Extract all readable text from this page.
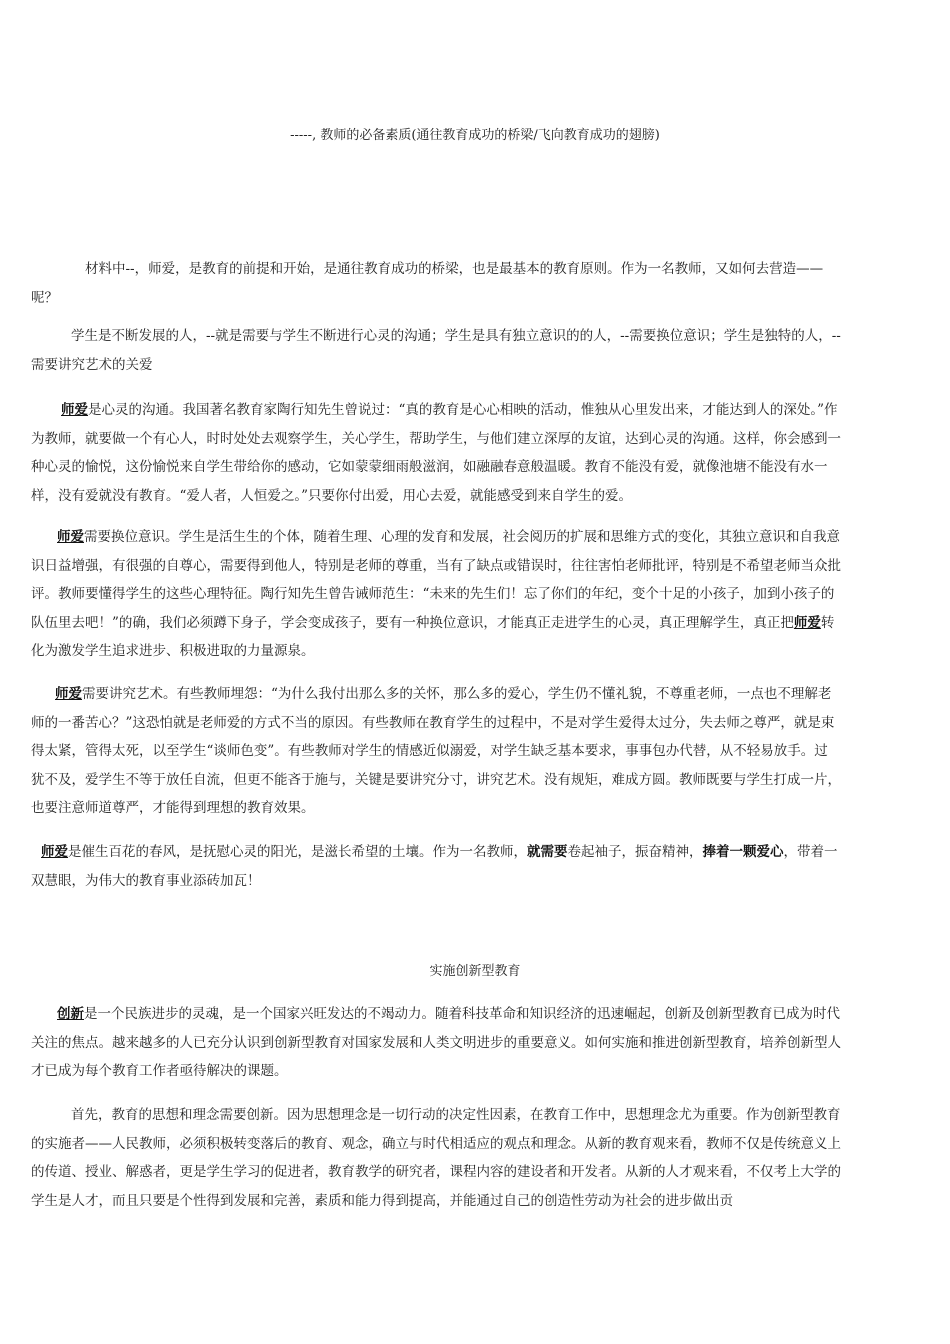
-----, 教师的必备素质(通往教育成功的桥梁/飞向教育成功的翅膀)

材料中--，师爱，是教育的前提和开始，是通往教育成功的桥梁，也是最基本的教育原则。作为一名教师，又如何去营造——呢？

学生是不断发展的人，--就是需要与学生不断进行心灵的沟通；学生是具有独立意识的的人，--需要换位意识；学生是独特的人，--需要讲究艺术的关爱

师爱是心灵的沟通。我国著名教育家陶行知先生曾说过：“真的教育是心心相映的活动，惟独从心里发出来，才能达到人的深处。”作为教师，就要做一个有心人，时时处处去观察学生，关心学生，帮助学生，与他们建立深厚的友谊，达到心灵的沟通。这样，你会感到一种心灵的愉悦，这份愉悦来自学生带给你的感动，它如蒙蒙细雨般滋润，如融融春意般温暖。教育不能没有爱，就像池塘不能没有水一样，没有爱就没有教育。“爱人者，人恒爱之。”只要你付出爱，用心去爱，就能感受到来自学生的爱。

师爱需要换位意识。学生是活生生的个体，随着生理、心理的发育和发展，社会阅历的扩展和思维方式的变化，其独立意识和自我意识日益增强，有很强的自尊心，需要得到他人，特别是老师的尊重，当有了缺点或错误时，往往害怕老师批评，特别是不希望老师当众批评。教师要懂得学生的这些心理特征。陶行知先生曾告诫师范生：“未来的先生们！忘了你们的年纪，变个十足的小孩子，加到小孩子的队伍里去吧！”的确，我们必须蹲下身子，学会变成孩子，要有一种换位意识，才能真正走进学生的心灵，真正理解学生，真正把师爱转化为激发学生追求进步、积极进取的力量源泉。

师爱需要讲究艺术。有些教师埋怨：“为什么我付出那么多的关怀，那么多的爱心，学生仍不懂礼貌，不尊重老师，一点也不理解老师的一番苦心？”这恐怕就是老师爱的方式不当的原因。有些教师在教育学生的过程中，不是对学生爱得太过分，失去师之尊严，就是束得太紧，管得太死，以至学生“谈师色变”。有些教师对学生的情感近似溺爱，对学生缺乏基本要求，事事包办代替，从不轻易放手。过犹不及，爱学生不等于放任自流，但更不能吝于施与，关键是要讲究分寸，讲究艺术。没有规矩，难成方圆。教师既要与学生打成一片，也要注意师道尊严，才能得到理想的教育效果。

师爱是催生百花的春风，是抚慰心灵的阳光，是滋长希望的土壤。作为一名教师，就需要卷起袖子，振奋精神，捧着一颗爱心，带着一双慧眼，为伟大的教育事业添砖加瓦！

实施创新型教育

创新是一个民族进步的灵魂，是一个国家兴旺发达的不竭动力。随着科技革命和知识经济的迅速崛起，创新及创新型教育已成为时代关注的焦点。越来越多的人已充分认识到创新型教育对国家发展和人类文明进步的重要意义。如何实施和推进创新型教育，培养创新型人才已成为每个教育工作者亟待解决的课题。

首先，教育的思想和理念需要创新。因为思想理念是一切行动的决定性因素，在教育工作中，思想理念尤为重要。作为创新型教育的实施者——人民教师，必须积极转变落后的教育、观念，确立与时代相适应的观点和理念。从新的教育观来看，教师不仅是传统意义上的传道、授业、解惑者，更是学生学习的促进者，教育教学的研究者，课程内容的建设者和开发者。从新的人才观来看，不仅考上大学的学生是人才，而且只要是个性得到发展和完善，素质和能力得到提高，并能通过自己的创造性劳动为社会的进步做出贡
